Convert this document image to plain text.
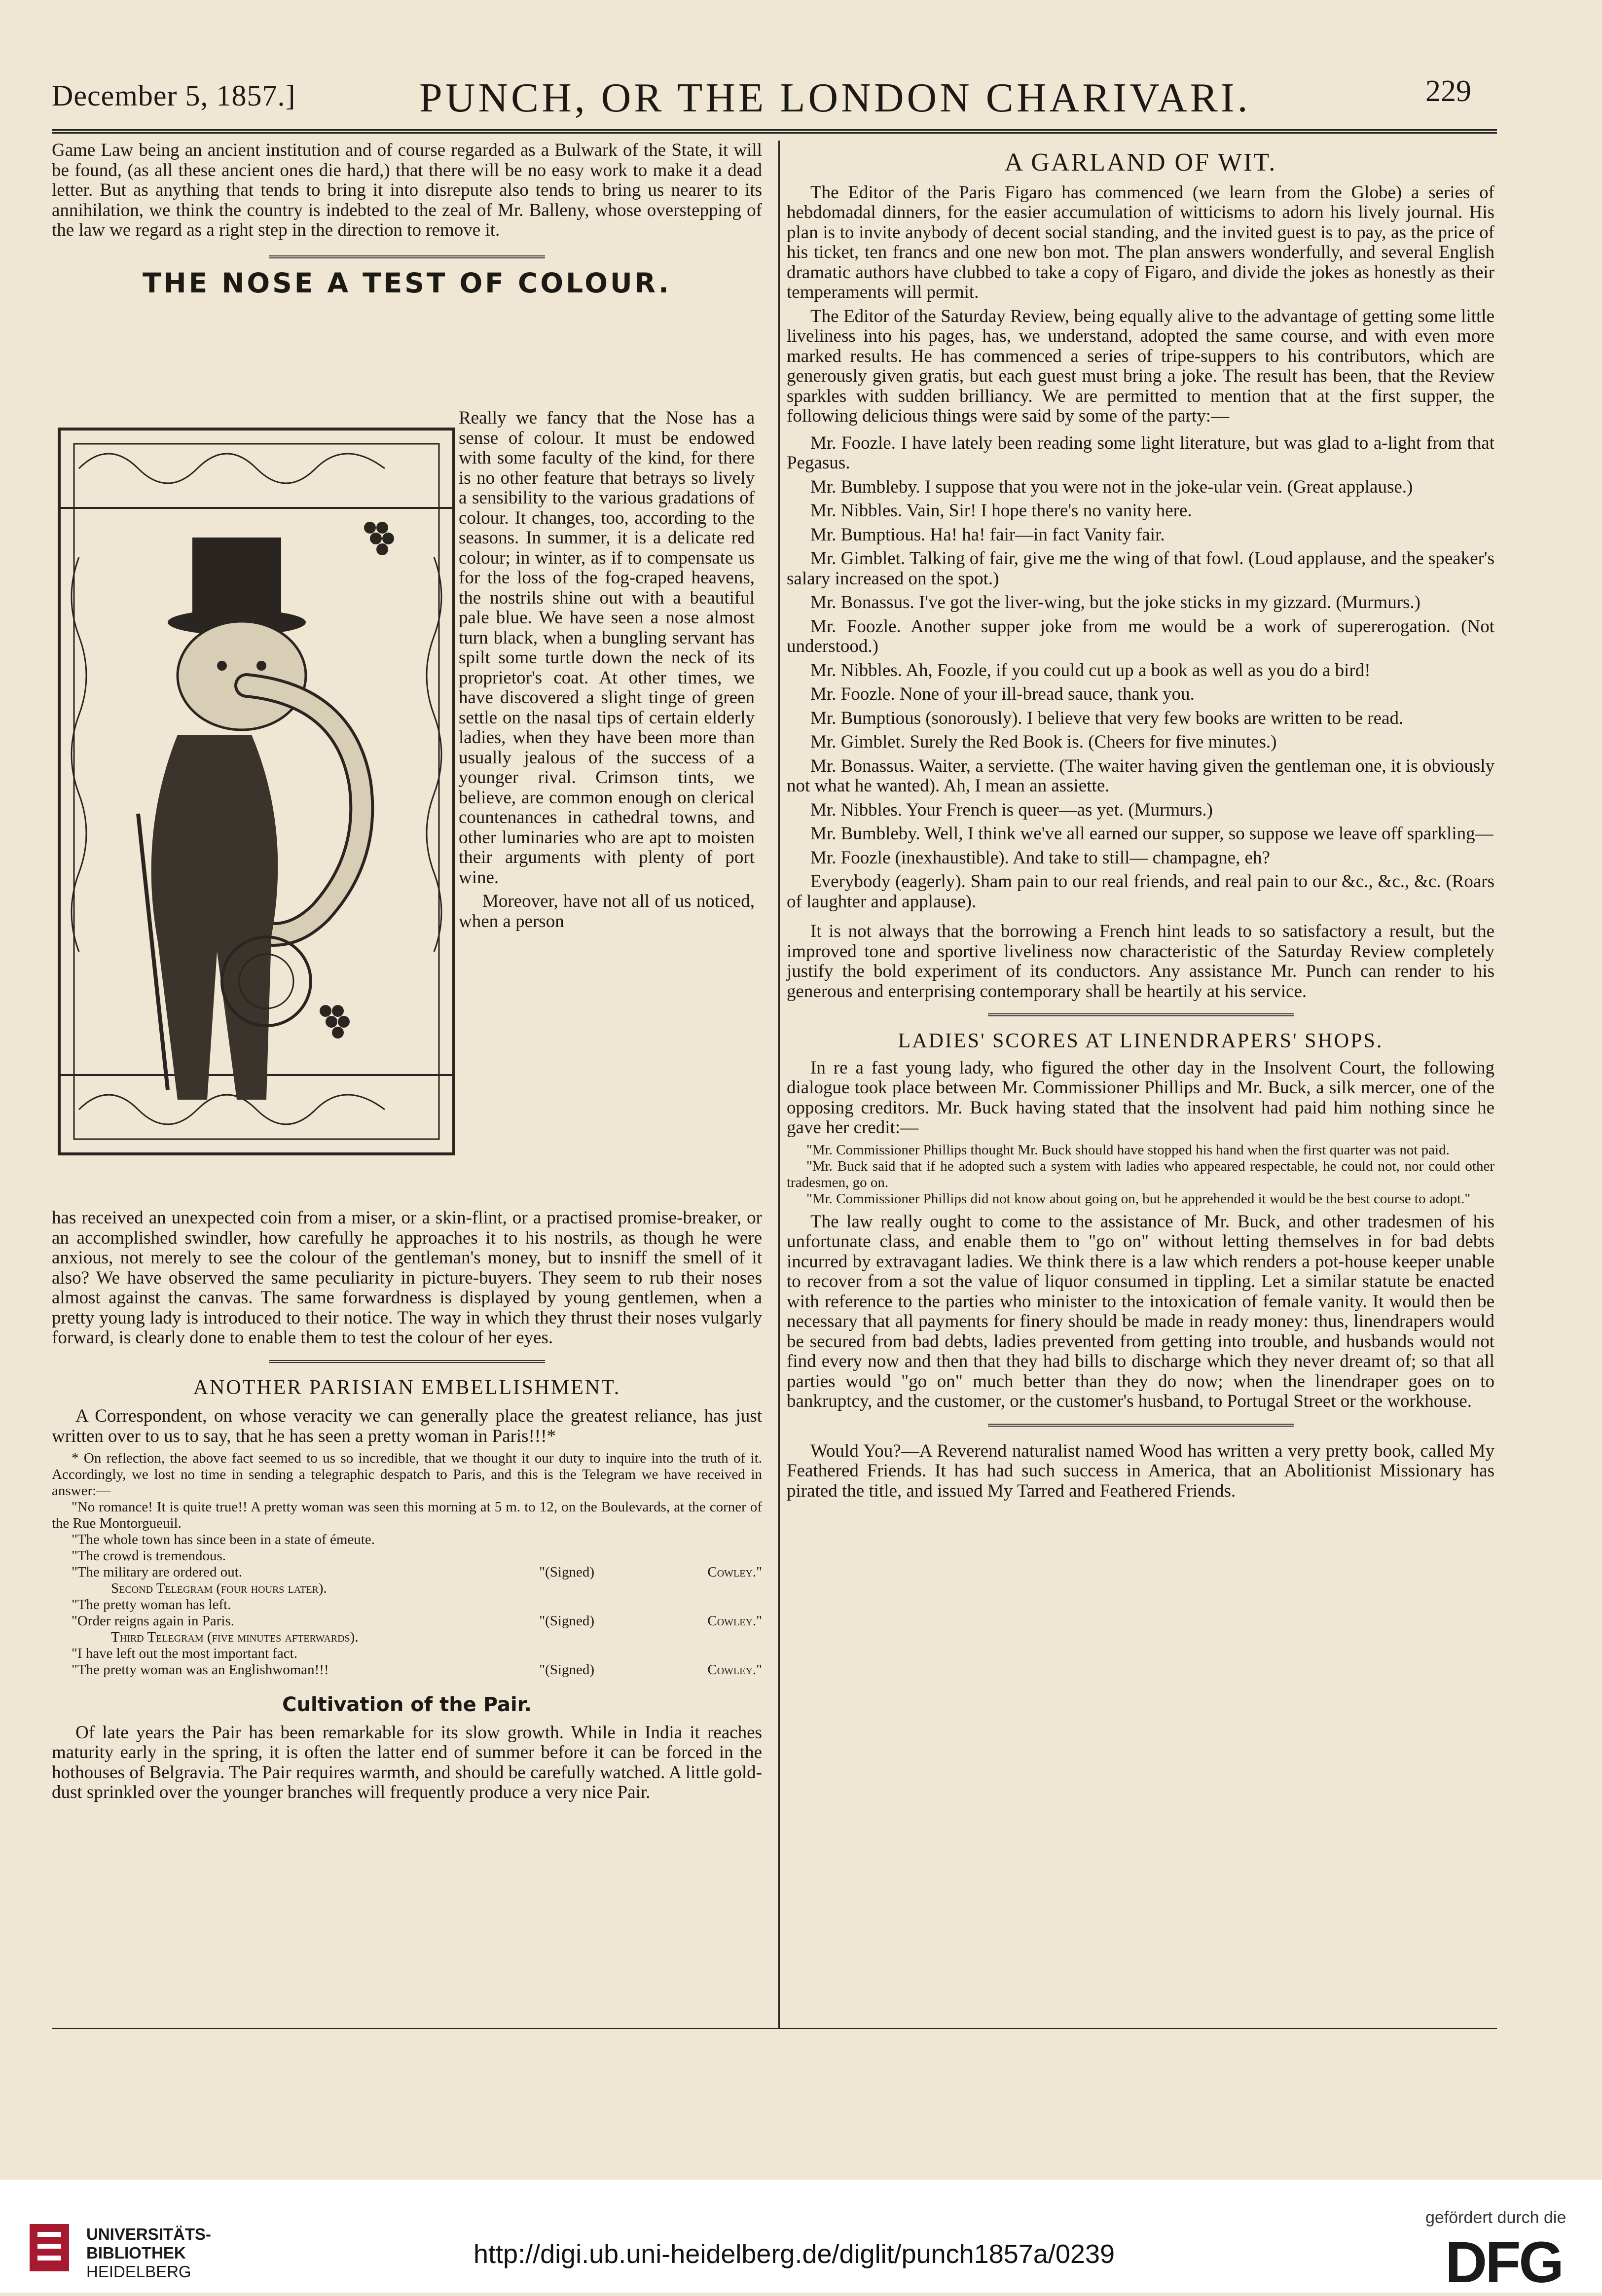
December 5, 1857.]	PUNCH, OR THE LONDON CHARIVARI.	229

Game Law being an ancient institution and of course regarded as a Bulwark of the State, it will be found, (as all these ancient ones die hard,) that there will be no easy work to make it a dead letter. But as anything that tends to bring it into disrepute also tends to bring us nearer to its annihilation, we think the country is indebted to the zeal of Mr. Balleny, whose overstepping of the law we regard as a right step in the direction to remove it.

THE NOSE A TEST OF COLOUR.

Really we fancy that the Nose has a sense of colour. It must be endowed with some faculty of the kind, for there is no other feature that betrays so lively a sensibility to the various gradations of colour. It changes, too, according to the seasons. In summer, it is a delicate red colour; in winter, as if to compensate us for the loss of the fog-craped heavens, the nostrils shine out with a beautiful pale blue. We have seen a nose almost turn black, when a bungling servant has spilt some turtle down the neck of its proprietor's coat. At other times, we have discovered a slight tinge of green settle on the nasal tips of certain elderly ladies, when they have been more than usually jealous of the success of a younger rival. Crimson tints, we believe, are common enough on clerical countenances in cathedral towns, and other luminaries who are apt to moisten their arguments with plenty of port wine.

Moreover, have not all of us noticed, when a person

has received an unexpected coin from a miser, or a skin-flint, or a practised promise-breaker, or an accomplished swindler, how carefully he approaches it to his nostrils, as though he were anxious, not merely to see the colour of the gentleman's money, but to insniff the smell of it also? We have observed the same peculiarity in picture-buyers. They seem to rub their noses almost against the canvas. The same forwardness is displayed by young gentlemen, when a pretty young lady is introduced to their notice. The way in which they thrust their noses vulgarly forward, is clearly done to enable them to test the colour of her eyes.

ANOTHER PARISIAN EMBELLISHMENT.

A Correspondent, on whose veracity we can generally place the greatest reliance, has just written over to us to say, that he has seen a pretty woman in Paris!!!*

* On reflection, the above fact seemed to us so incredible, that we thought it our duty to inquire into the truth of it. Accordingly, we lost no time in sending a telegraphic despatch to Paris, and this is the Telegram we have received in answer:—

"No romance! It is quite true!! A pretty woman was seen this morning at 5 m. to 12, on the Boulevards, at the corner of the Rue Montorgueuil.

"The whole town has since been in a state of émeute.

"The crowd is tremendous.

"The military are ordered out.	"(Signed)	Cowley."

Second Telegram (four hours later).

"The pretty woman has left.

"Order reigns again in Paris.	"(Signed)	Cowley."

Third Telegram (five minutes afterwards).

"I have left out the most important fact.

"The pretty woman was an Englishwoman!!!	"(Signed)	Cowley."
Cultivation of the Pair.

Of late years the Pair has been remarkable for its slow growth. While in India it reaches maturity early in the spring, it is often the latter end of summer before it can be forced in the hothouses of Belgravia. The Pair requires warmth, and should be carefully watched. A little gold-dust sprinkled over the younger branches will frequently produce a very nice Pair.

A GARLAND OF WIT.

The Editor of the Paris Figaro has commenced (we learn from the Globe) a series of hebdomadal dinners, for the easier accumulation of witticisms to adorn his lively journal. His plan is to invite anybody of decent social standing, and the invited guest is to pay, as the price of his ticket, ten francs and one new bon mot. The plan answers wonderfully, and several English dramatic authors have clubbed to take a copy of Figaro, and divide the jokes as honestly as their temperaments will permit.

The Editor of the Saturday Review, being equally alive to the advantage of getting some little liveliness into his pages, has, we understand, adopted the same course, and with even more marked results. He has commenced a series of tripe-suppers to his contributors, which are generously given gratis, but each guest must bring a joke. The result has been, that the Review sparkles with sudden brilliancy. We are permitted to mention that at the first supper, the following delicious things were said by some of the party:—

Mr. Foozle. I have lately been reading some light literature, but was glad to a-light from that Pegasus.

Mr. Bumbleby. I suppose that you were not in the joke-ular vein. (Great applause.)

Mr. Nibbles. Vain, Sir! I hope there's no vanity here.

Mr. Bumptious. Ha! ha! fair—in fact Vanity fair.

Mr. Gimblet. Talking of fair, give me the wing of that fowl. (Loud applause, and the speaker's salary increased on the spot.)

Mr. Bonassus. I've got the liver-wing, but the joke sticks in my gizzard. (Murmurs.)

Mr. Foozle. Another supper joke from me would be a work of supererogation. (Not understood.)

Mr. Nibbles. Ah, Foozle, if you could cut up a book as well as you do a bird!

Mr. Foozle. None of your ill-bread sauce, thank you.

Mr. Bumptious (sonorously). I believe that very few books are written to be read.

Mr. Gimblet. Surely the Red Book is. (Cheers for five minutes.)

Mr. Bonassus. Waiter, a serviette. (The waiter having given the gentleman one, it is obviously not what he wanted). Ah, I mean an assiette.

Mr. Nibbles. Your French is queer—as yet. (Murmurs.)

Mr. Bumbleby. Well, I think we've all earned our supper, so suppose we leave off sparkling—

Mr. Foozle (inexhaustible). And take to still— champagne, eh?

Everybody (eagerly). Sham pain to our real friends, and real pain to our &c., &c., &c. (Roars of laughter and applause).

It is not always that the borrowing a French hint leads to so satisfactory a result, but the improved tone and sportive liveliness now characteristic of the Saturday Review completely justify the bold experiment of its conductors. Any assistance Mr. Punch can render to his generous and enterprising contemporary shall be heartily at his service.

LADIES' SCORES AT LINENDRAPERS' SHOPS.

In re a fast young lady, who figured the other day in the Insolvent Court, the following dialogue took place between Mr. Commissioner Phillips and Mr. Buck, a silk mercer, one of the opposing creditors. Mr. Buck having stated that the insolvent had paid him nothing since he gave her credit:—

"Mr. Commissioner Phillips thought Mr. Buck should have stopped his hand when the first quarter was not paid.

"Mr. Buck said that if he adopted such a system with ladies who appeared respectable, he could not, nor could other tradesmen, go on.

"Mr. Commissioner Phillips did not know about going on, but he apprehended it would be the best course to adopt."

The law really ought to come to the assistance of Mr. Buck, and other tradesmen of his unfortunate class, and enable them to "go on" without letting themselves in for bad debts incurred by extravagant ladies. We think there is a law which renders a pot-house keeper unable to recover from a sot the value of liquor consumed in tippling. Let a similar statute be enacted with reference to the parties who minister to the intoxication of female vanity. It would then be necessary that all payments for finery should be made in ready money: thus, linendrapers would be secured from bad debts, ladies prevented from getting into trouble, and husbands would not find every now and then that they had bills to discharge which they never dreamt of; so that all parties would "go on" much better than they do now; when the linendraper goes on to bankruptcy, and the customer, or the customer's husband, to Portugal Street or the workhouse.

Would You?—A Reverend naturalist named Wood has written a very pretty book, called My Feathered Friends. It has had such success in America, that an Abolitionist Missionary has pirated the title, and issued My Tarred and Feathered Friends.

UNIVERSITÄTS-
BIBLIOTHEK
HEIDELBERG
http://digi.ub.uni-heidelberg.de/diglit/punch1857a/0239
gefördert durch die
DFG
